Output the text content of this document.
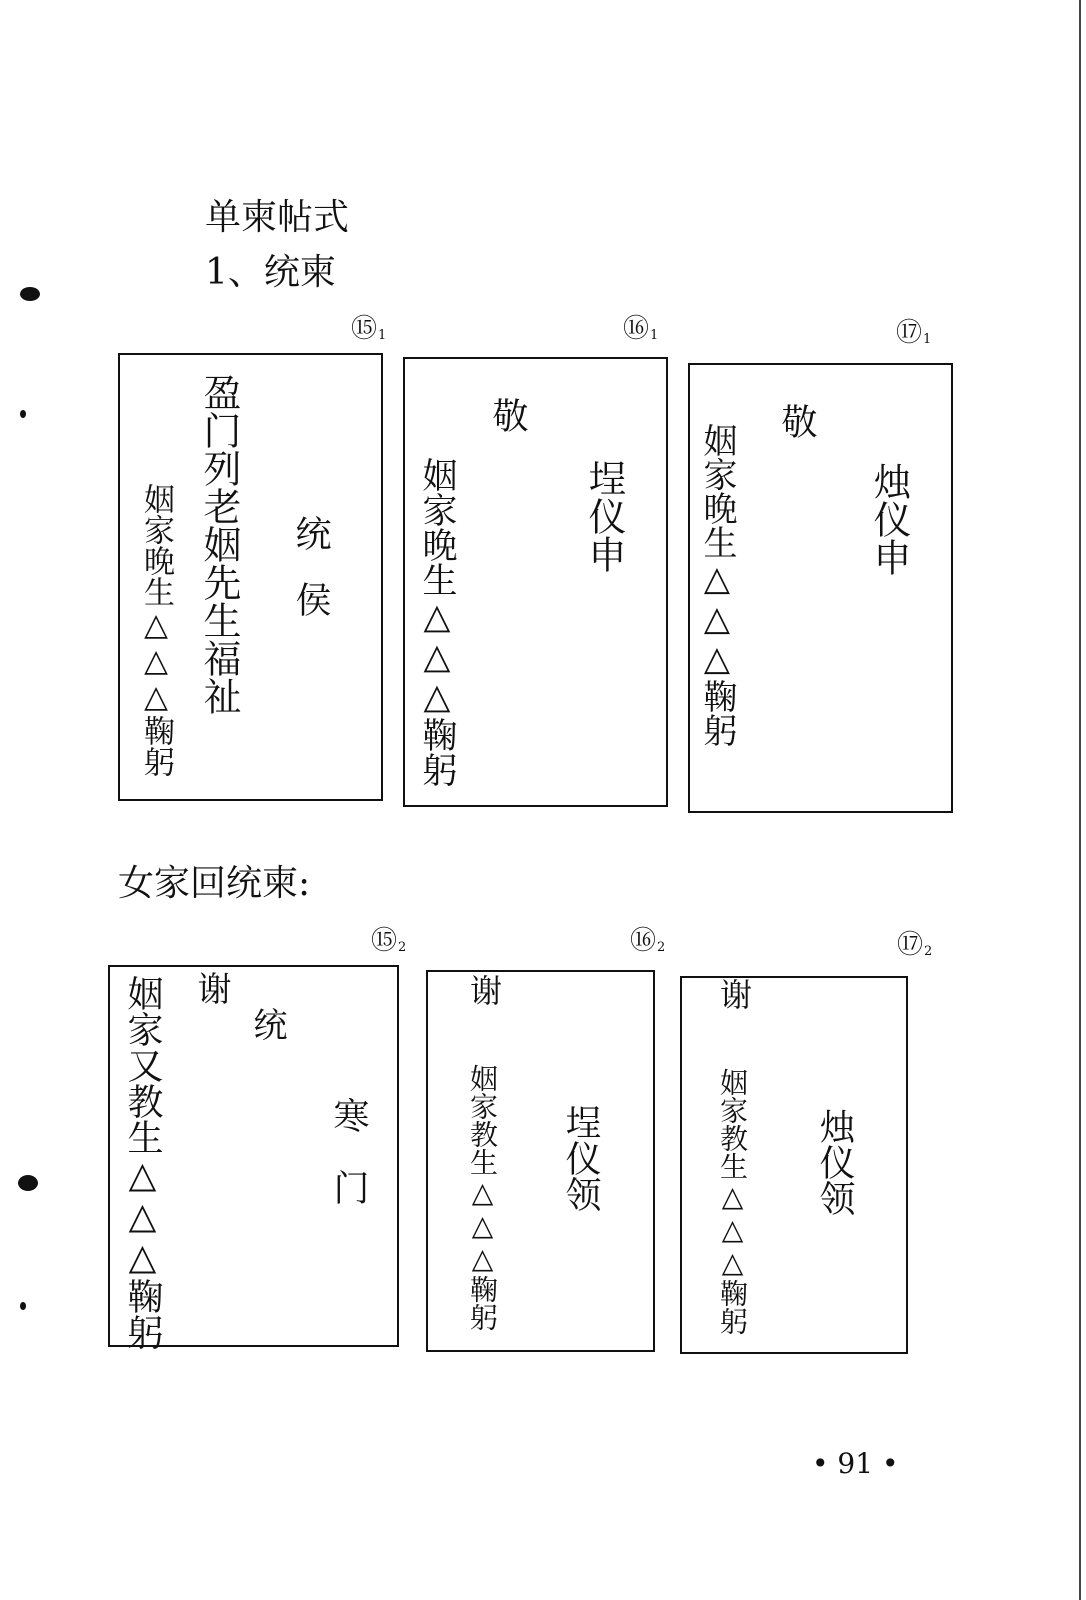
单柬帖式
1、统柬
$⑮_1$
盈门列老姻先生福祉 统侯
姻家晚生△△△鞠躬
$⑯_1$
敬
埕仪申
姻家晚生△△△鞠躬
$⑰_1$
敬
烛仪申
姻家晚生△△△鞠躬
女家回统柬:
$⑮_2$
姻家又教生△△△鞠躬 谢
统
寒门
$⑯_2$
谢
姻家教生△△△鞠躬 埕仪领
$⑰_2$
谢
姻家教生△△△鞠躬 烛仪领
• 91 •
